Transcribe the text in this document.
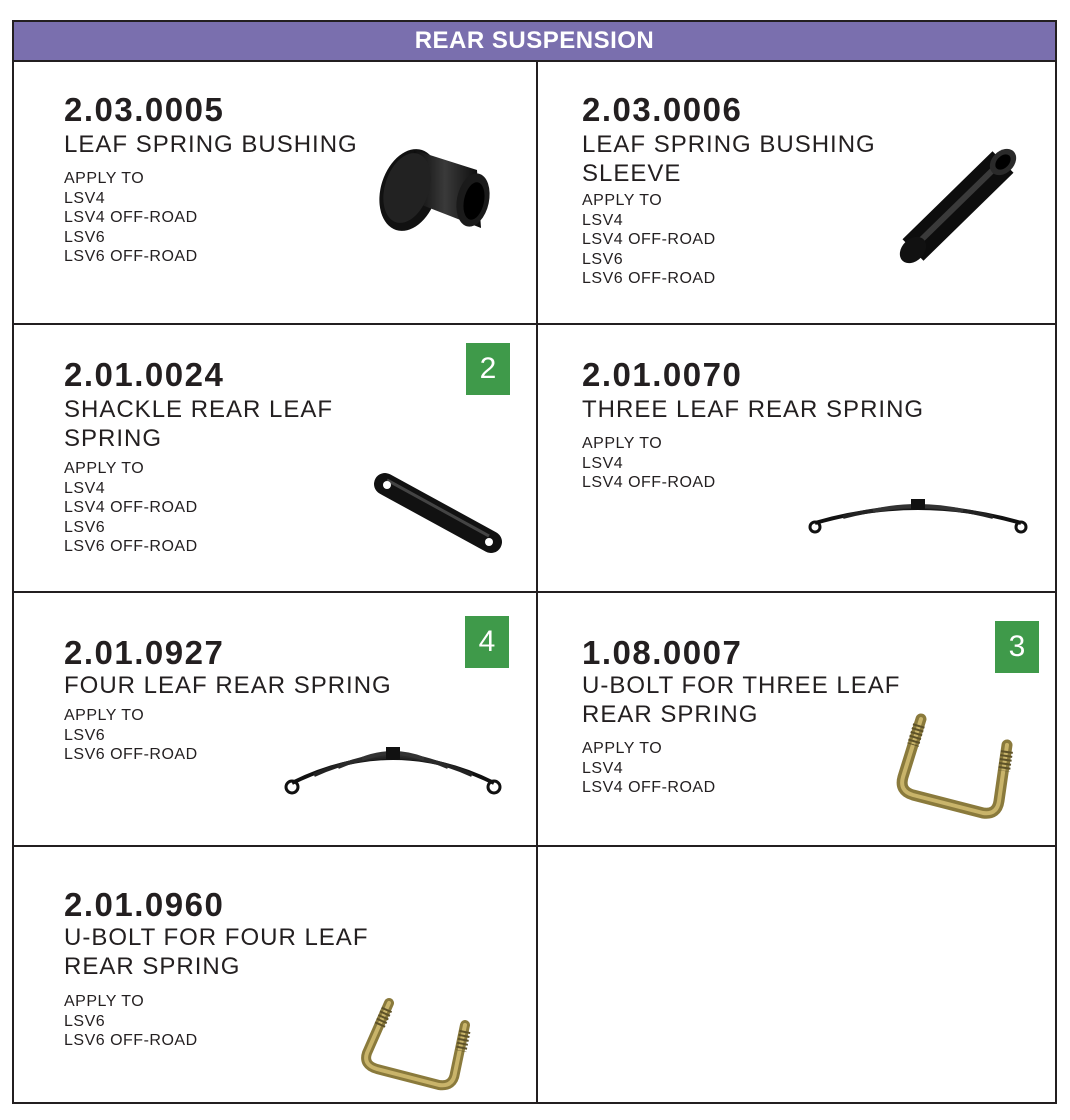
REAR SUSPENSION
2.03.0005
LEAF SPRING BUSHING
APPLY TO
LSV4
LSV4 OFF-ROAD
LSV6
LSV6 OFF-ROAD
2.03.0006
LEAF SPRING BUSHING
SLEEVE
APPLY TO
LSV4
LSV4 OFF-ROAD
LSV6
LSV6 OFF-ROAD
2.01.0024
SHACKLE REAR LEAF
SPRING
APPLY TO
LSV4
LSV4 OFF-ROAD
LSV6
LSV6 OFF-ROAD
2	2.01.0070
THREE LEAF REAR SPRING
APPLY TO
LSV4
LSV4 OFF-ROAD
2.01.0927
FOUR LEAF REAR SPRING
APPLY TO
LSV6
LSV6 OFF-ROAD
4	1.08.0007
U-BOLT FOR THREE LEAF
REAR SPRING
APPLY TO
LSV4
LSV4 OFF-ROAD
3
2.01.0960
U-BOLT FOR FOUR LEAF
REAR SPRING
APPLY TO
LSV6
LSV6 OFF-ROAD
